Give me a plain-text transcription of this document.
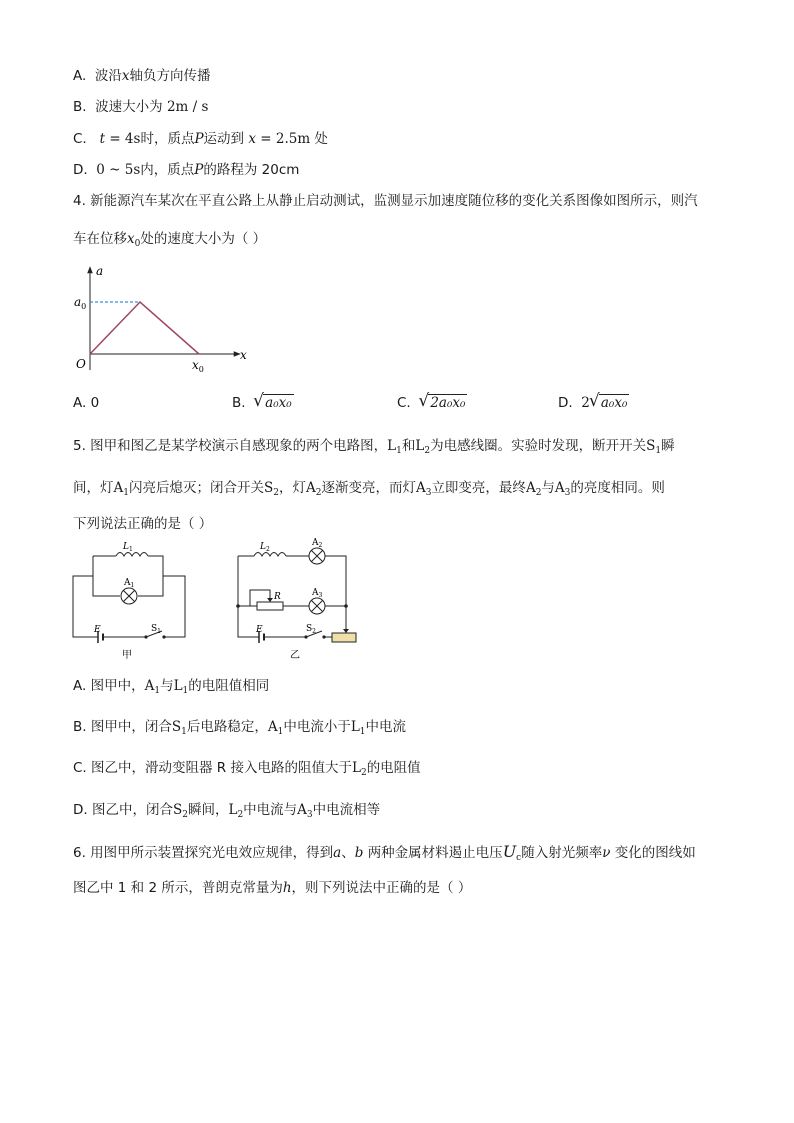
A. 波沿x轴负方向传播
B. 波速大小为 2m / s
C. t = 4s时，质点P运动到 x = 2.5m 处
D. 0 ~ 5s内，质点P的路程为 20cm
4. 新能源汽车某次在平直公路上从静止启动测试，监测显示加速度随位移的变化关系图像如图所示，则汽
车在位移$x_0$处的速度大小为（ ）
a
x
O
$a_0$
$x_0$
A. 0	B. √ a₀x₀	C. √ 2a₀x₀	D. 2 √ a₀x₀
5. 图甲和图乙是某学校演示自感现象的两个电路图，$L_1$和$L_2$为电感线圈。实验时发现，断开开关$S_1$瞬
间，灯$A_1$闪亮后熄灭；闭合开关$S_2$，灯$A_2$逐渐变亮，而灯$A_3$立即变亮，最终$A_2$与$A_3$的亮度相同。则
下列说法正确的是（ ）
$L_1$
$A_1$
E	$S_1$
甲
$L_2$
$A_2$
R	$A_3$
E	$S_2$
乙
A. 图甲中，$A_1$与$L_1$的电阻值相同
B. 图甲中，闭合$S_1$后电路稳定，$A_1$中电流小于$L_1$中电流
C. 图乙中，滑动变阻器 R 接入电路的阻值大于$L_2$的电阻值
D. 图乙中，闭合$S_2$瞬间，$L_2$中电流与$A_3$中电流相等
6. 用图甲所示装置探究光电效应规律，得到a、b 两种金属材料遏止电压$U_c$随入射光频率ν 变化的图线如
图乙中 1 和 2 所示，普朗克常量为h，则下列说法中正确的是（ ）
